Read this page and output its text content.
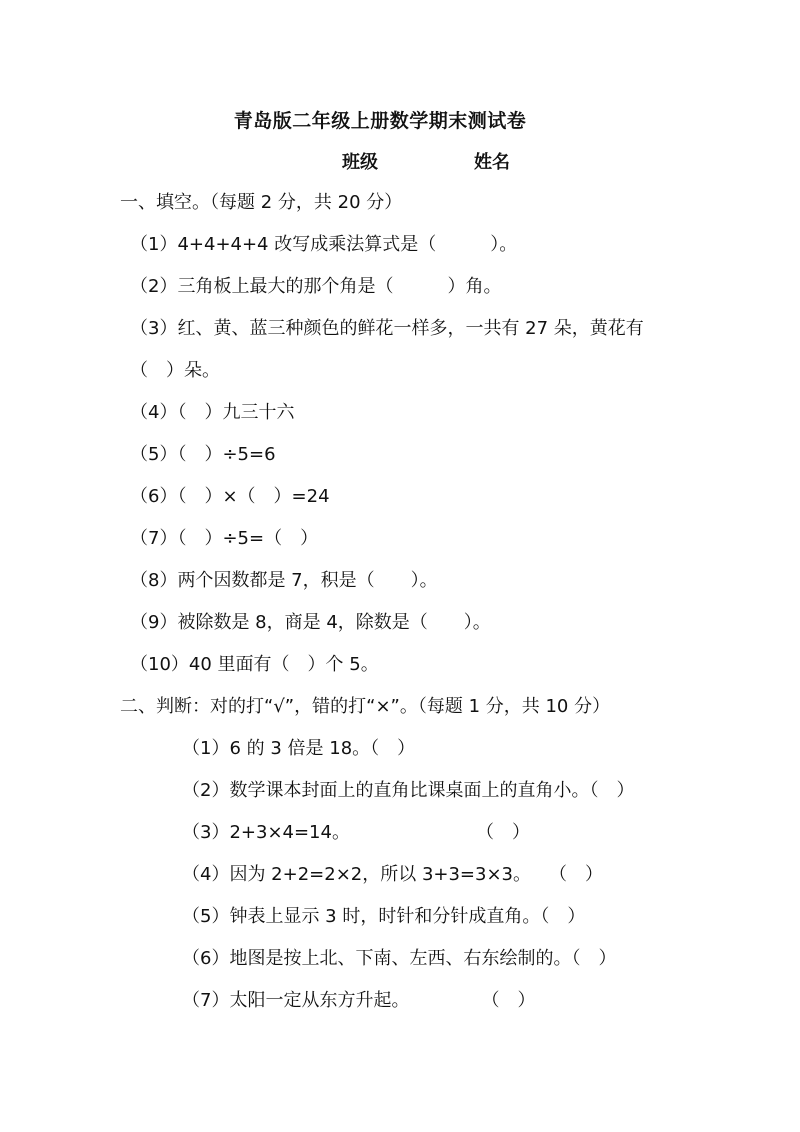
青岛版二年级上册数学期末测试卷
班级	姓名
一、填空。（每题 2 分，共 20 分）
（1）4+4+4+4 改写成乘法算式是（　　　）。
（2）三角板上最大的那个角是（　　　）角。
（3）红、黄、蓝三种颜色的鲜花一样多，一共有 27 朵，黄花有
（　）朵。
（4）（　）九三十六
（5）（　）÷5=6
（6）（　）×（　）=24
（7）（　）÷5=（　）
（8）两个因数都是 7，积是（　　）。
（9）被除数是 8，商是 4，除数是（　　）。
（10）40 里面有（　）个 5。
二、判断：对的打“√”，错的打“×”。（每题 1 分，共 10 分）
（1）6 的 3 倍是 18。（　）
（2）数学课本封面上的直角比课桌面上的直角小。（　）
（3）2+3×4=14。　　　　　　　　（　）
（4）因为 2+2=2×2，所以 3+3=3×3。　　（　）
（5）钟表上显示 3 时，时针和分针成直角。（　）
（6）地图是按上北、下南、左西、右东绘制的。（　）
（7）太阳一定从东方升起。　　　　　（　）
